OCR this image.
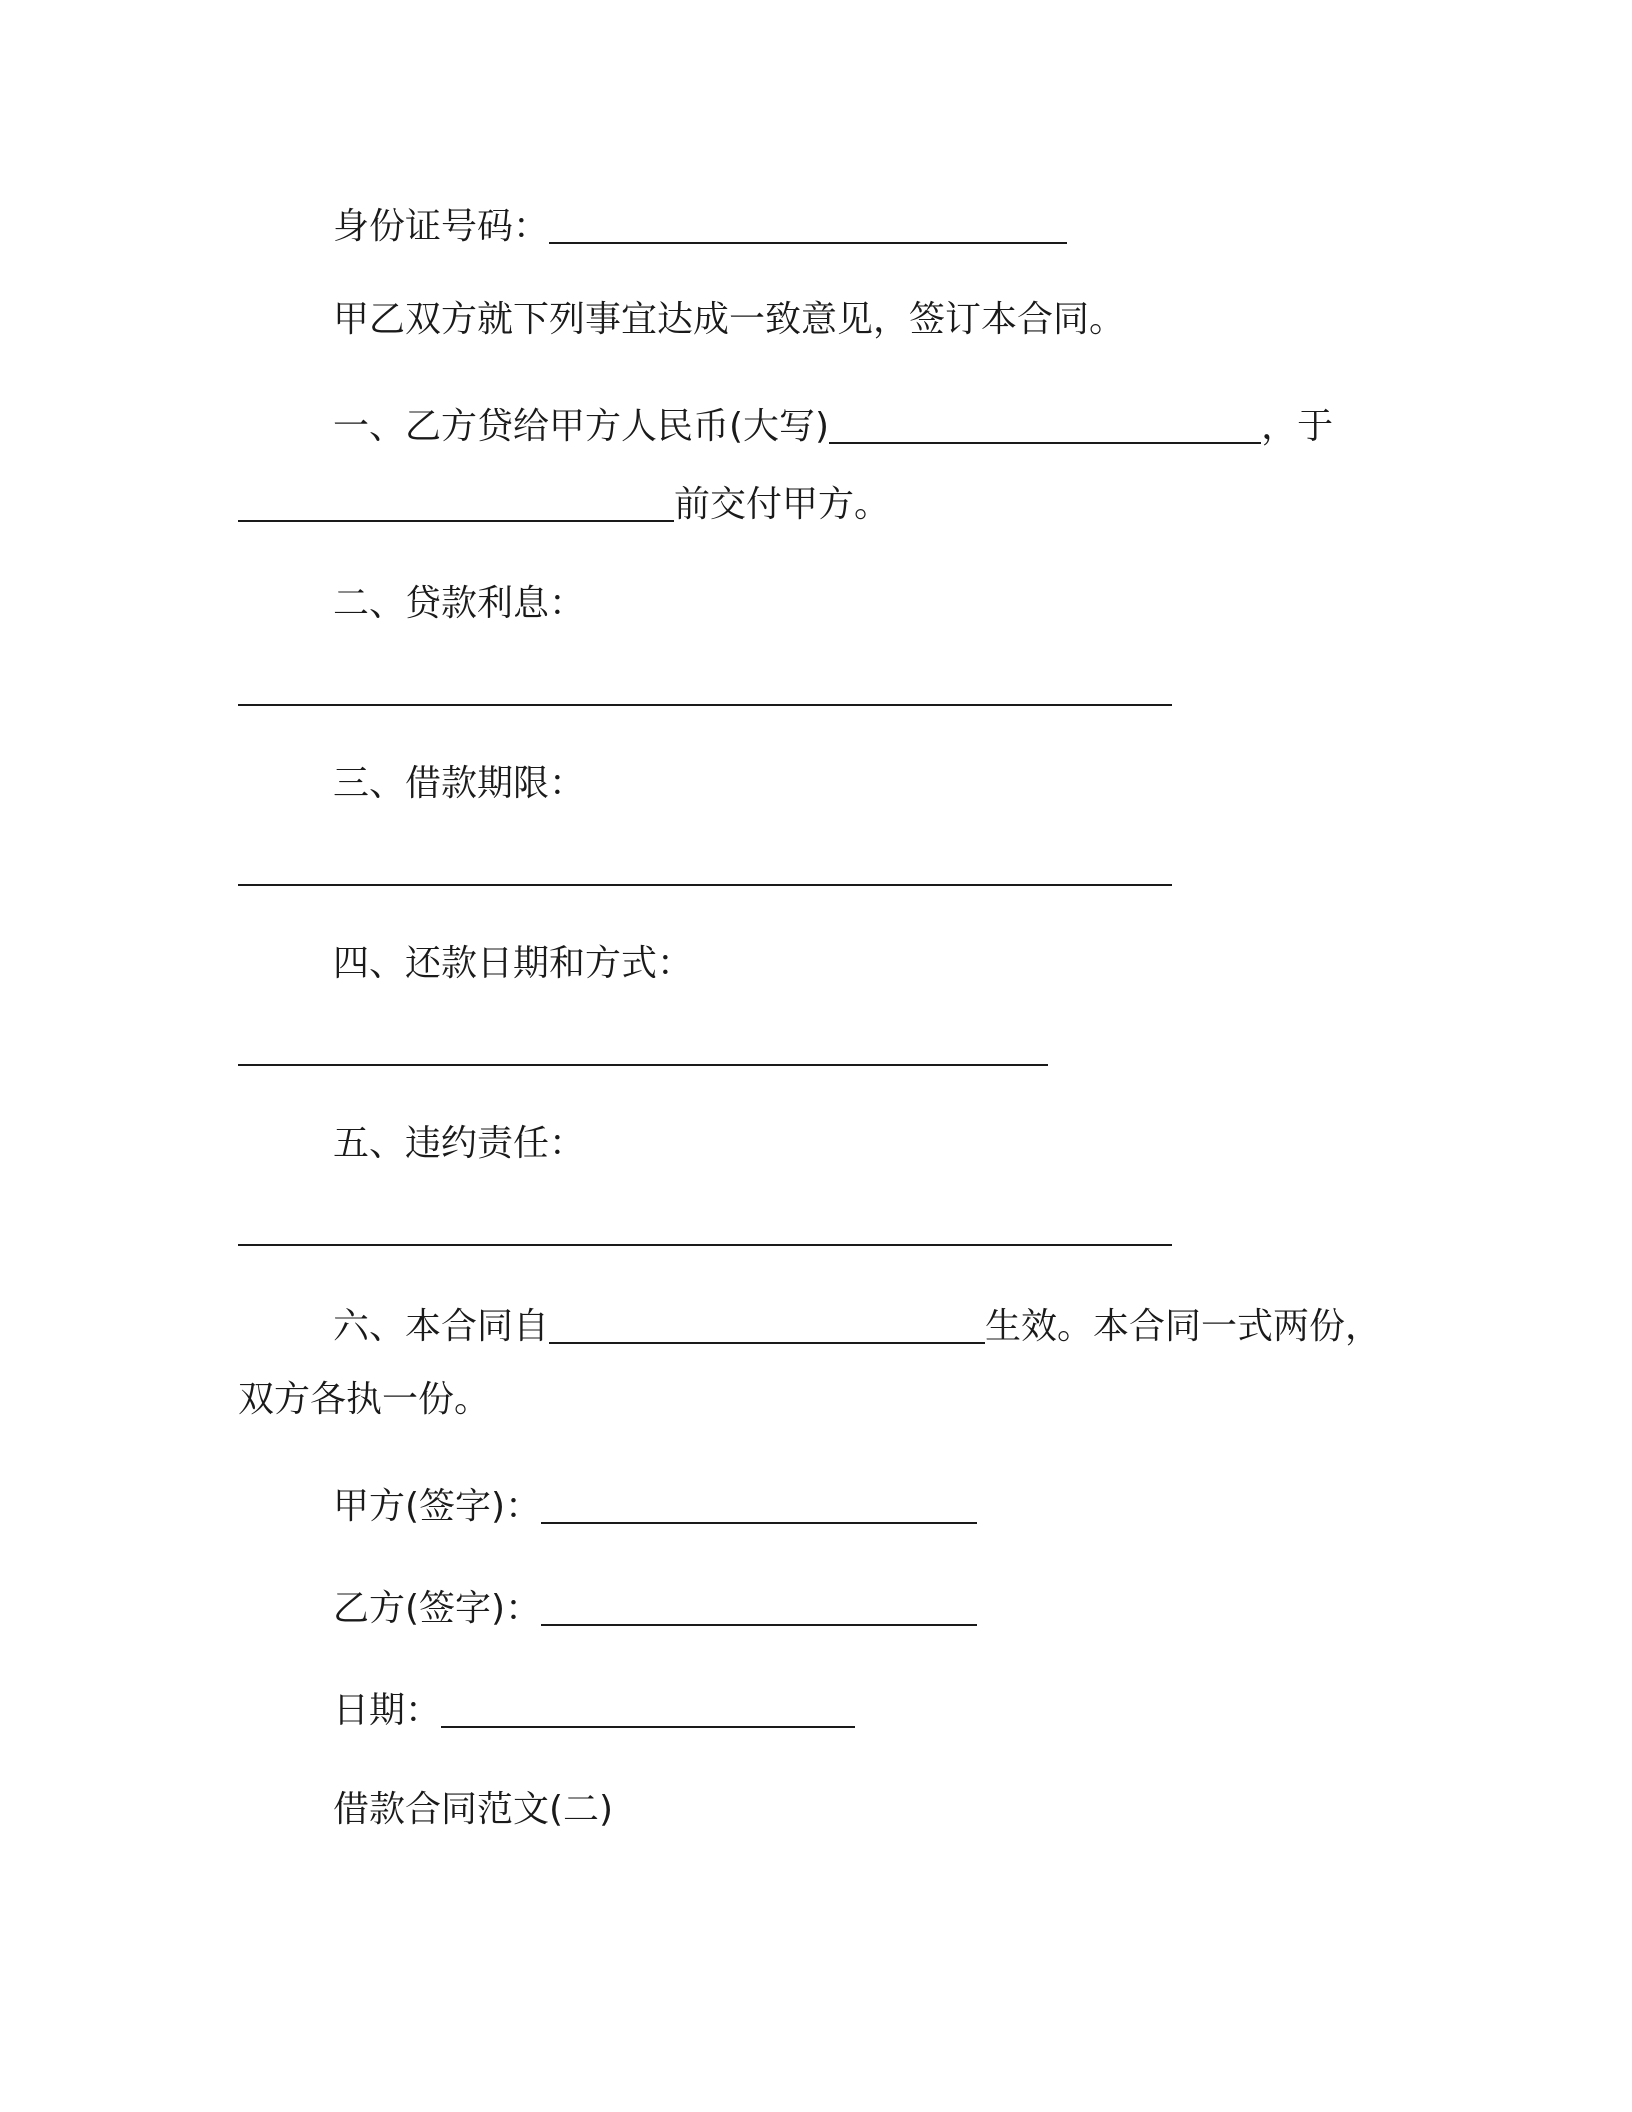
身份证号码：
甲乙双方就下列事宜达成一致意见，签订本合同。
一、乙方贷给甲方人民币(大写)	，于
前交付甲方。
二、贷款利息：
三、借款期限：
四、还款日期和方式：
五、违约责任：
六、本合同自	生效。本合同一式两份，
双方各执一份。
甲方(签字)：
乙方(签字)：
日期：
借款合同范文(二)
